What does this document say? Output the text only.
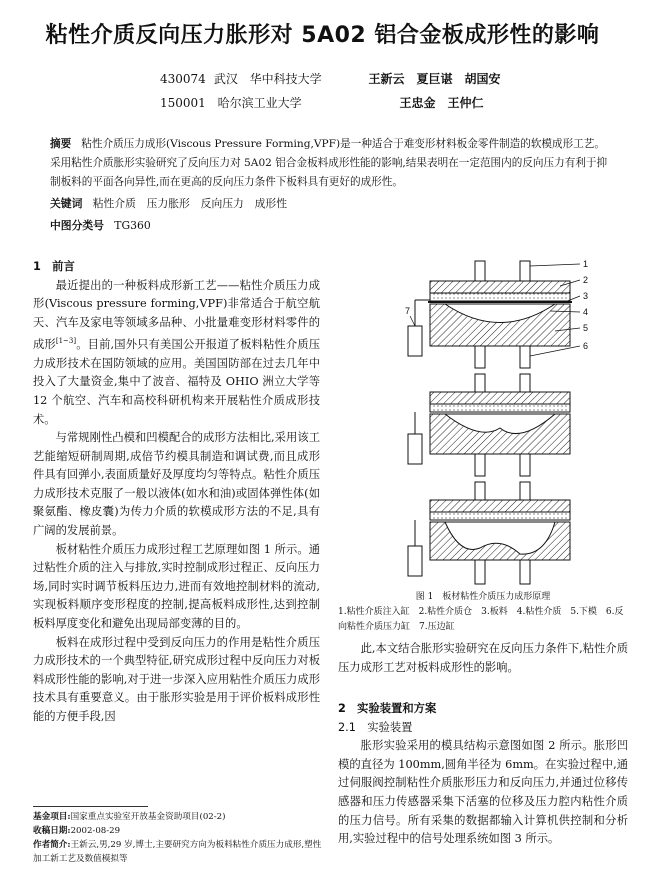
粘性介质反向压力胀形对 5A02 铝合金板成形性的影响
430074 武汉 华中科技大学	王新云　夏巨谌　胡国安
150001 哈尔滨工业大学	王忠金　王仲仁
摘要 粘性介质压力成形(Viscous Pressure Forming,VPF)是一种适合于难变形材料板金零件制造的软模成形工艺。采用粘性介质胀形实验研究了反向压力对 5A02 铝合金板料成形性能的影响,结果表明在一定范围内的反向压力有利于抑制板料的平面各向异性,而在更高的反向压力条件下板料具有更好的成形性。
关键词 粘性介质　压力胀形　反向压力　成形性
中图分类号 TG360
1　前言

最近提出的一种板料成形新工艺——粘性介质压力成形(Viscous pressure forming,VPF)非常适合于航空航天、汽车及家电等领域多品种、小批量难变形材料零件的成形[1~3]。目前,国外只有美国公开报道了板料粘性介质压力成形技术在国防领域的应用。美国国防部在过去几年中投入了大量资金,集中了波音、福特及 OHIO 洲立大学等 12 个航空、汽车和高校科研机构来开展粘性介质成形技术。

与常规刚性凸模和凹模配合的成形方法相比,采用该工艺能缩短研制周期,成倍节约模具制造和调试费,而且成形件具有回弹小,表面质量好及厚度均匀等特点。粘性介质压力成形技术克服了一般以液体(如水和油)或固体弹性体(如聚氨酯、橡皮囊)为传力介质的软模成形方法的不足,具有广阔的发展前景。

板材粘性介质压力成形过程工艺原理如图 1 所示。通过粘性介质的注入与排放,实时控制成形过程正、反向压力场,同时实时调节板料压边力,进而有效地控制材料的流动,实现板料顺序变形程度的控制,提高板料成形性,达到控制板料厚度变化和避免出现局部变薄的目的。

板料在成形过程中受到反向压力的作用是粘性介质压力成形技术的一个典型特征,研究成形过程中反向压力对板料成形性能的影响,对于进一步深入应用粘性介质压力成形技术具有重要意义。由于胀形实验是用于评价板料成形性能的方便手段,因

基金项目:国家重点实验室开放基金资助项目(02-2)
收稿日期:2002-08-29
作者简介:王新云,男,29 岁,博士,主要研究方向为板料粘性介质压力成形,塑性加工新工艺及数值模拟等
1
2
3
4
5
6
7
图 1　板材粘性介质压力成形原理
1.粘性介质注入缸　2.粘性介质仓　3.板料　4.粘性介质　5.下模　6.反向粘性介质压力缸　7.压边缸

此,本文结合胀形实验研究在反向压力条件下,粘性介质压力成形工艺对板料成形性的影响。

2　实验装置和方案
2.1　实验装置

胀形实验采用的模具结构示意图如图 2 所示。胀形凹模的直径为 100mm,圆角半径为 6mm。在实验过程中,通过伺服阀控制粘性介质胀形压力和反向压力,并通过位移传感器和压力传感器采集下活塞的位移及压力腔内粘性介质的压力信号。所有采集的数据都输入计算机供控制和分析用,实验过程中的信号处理系统如图 3 所示。
